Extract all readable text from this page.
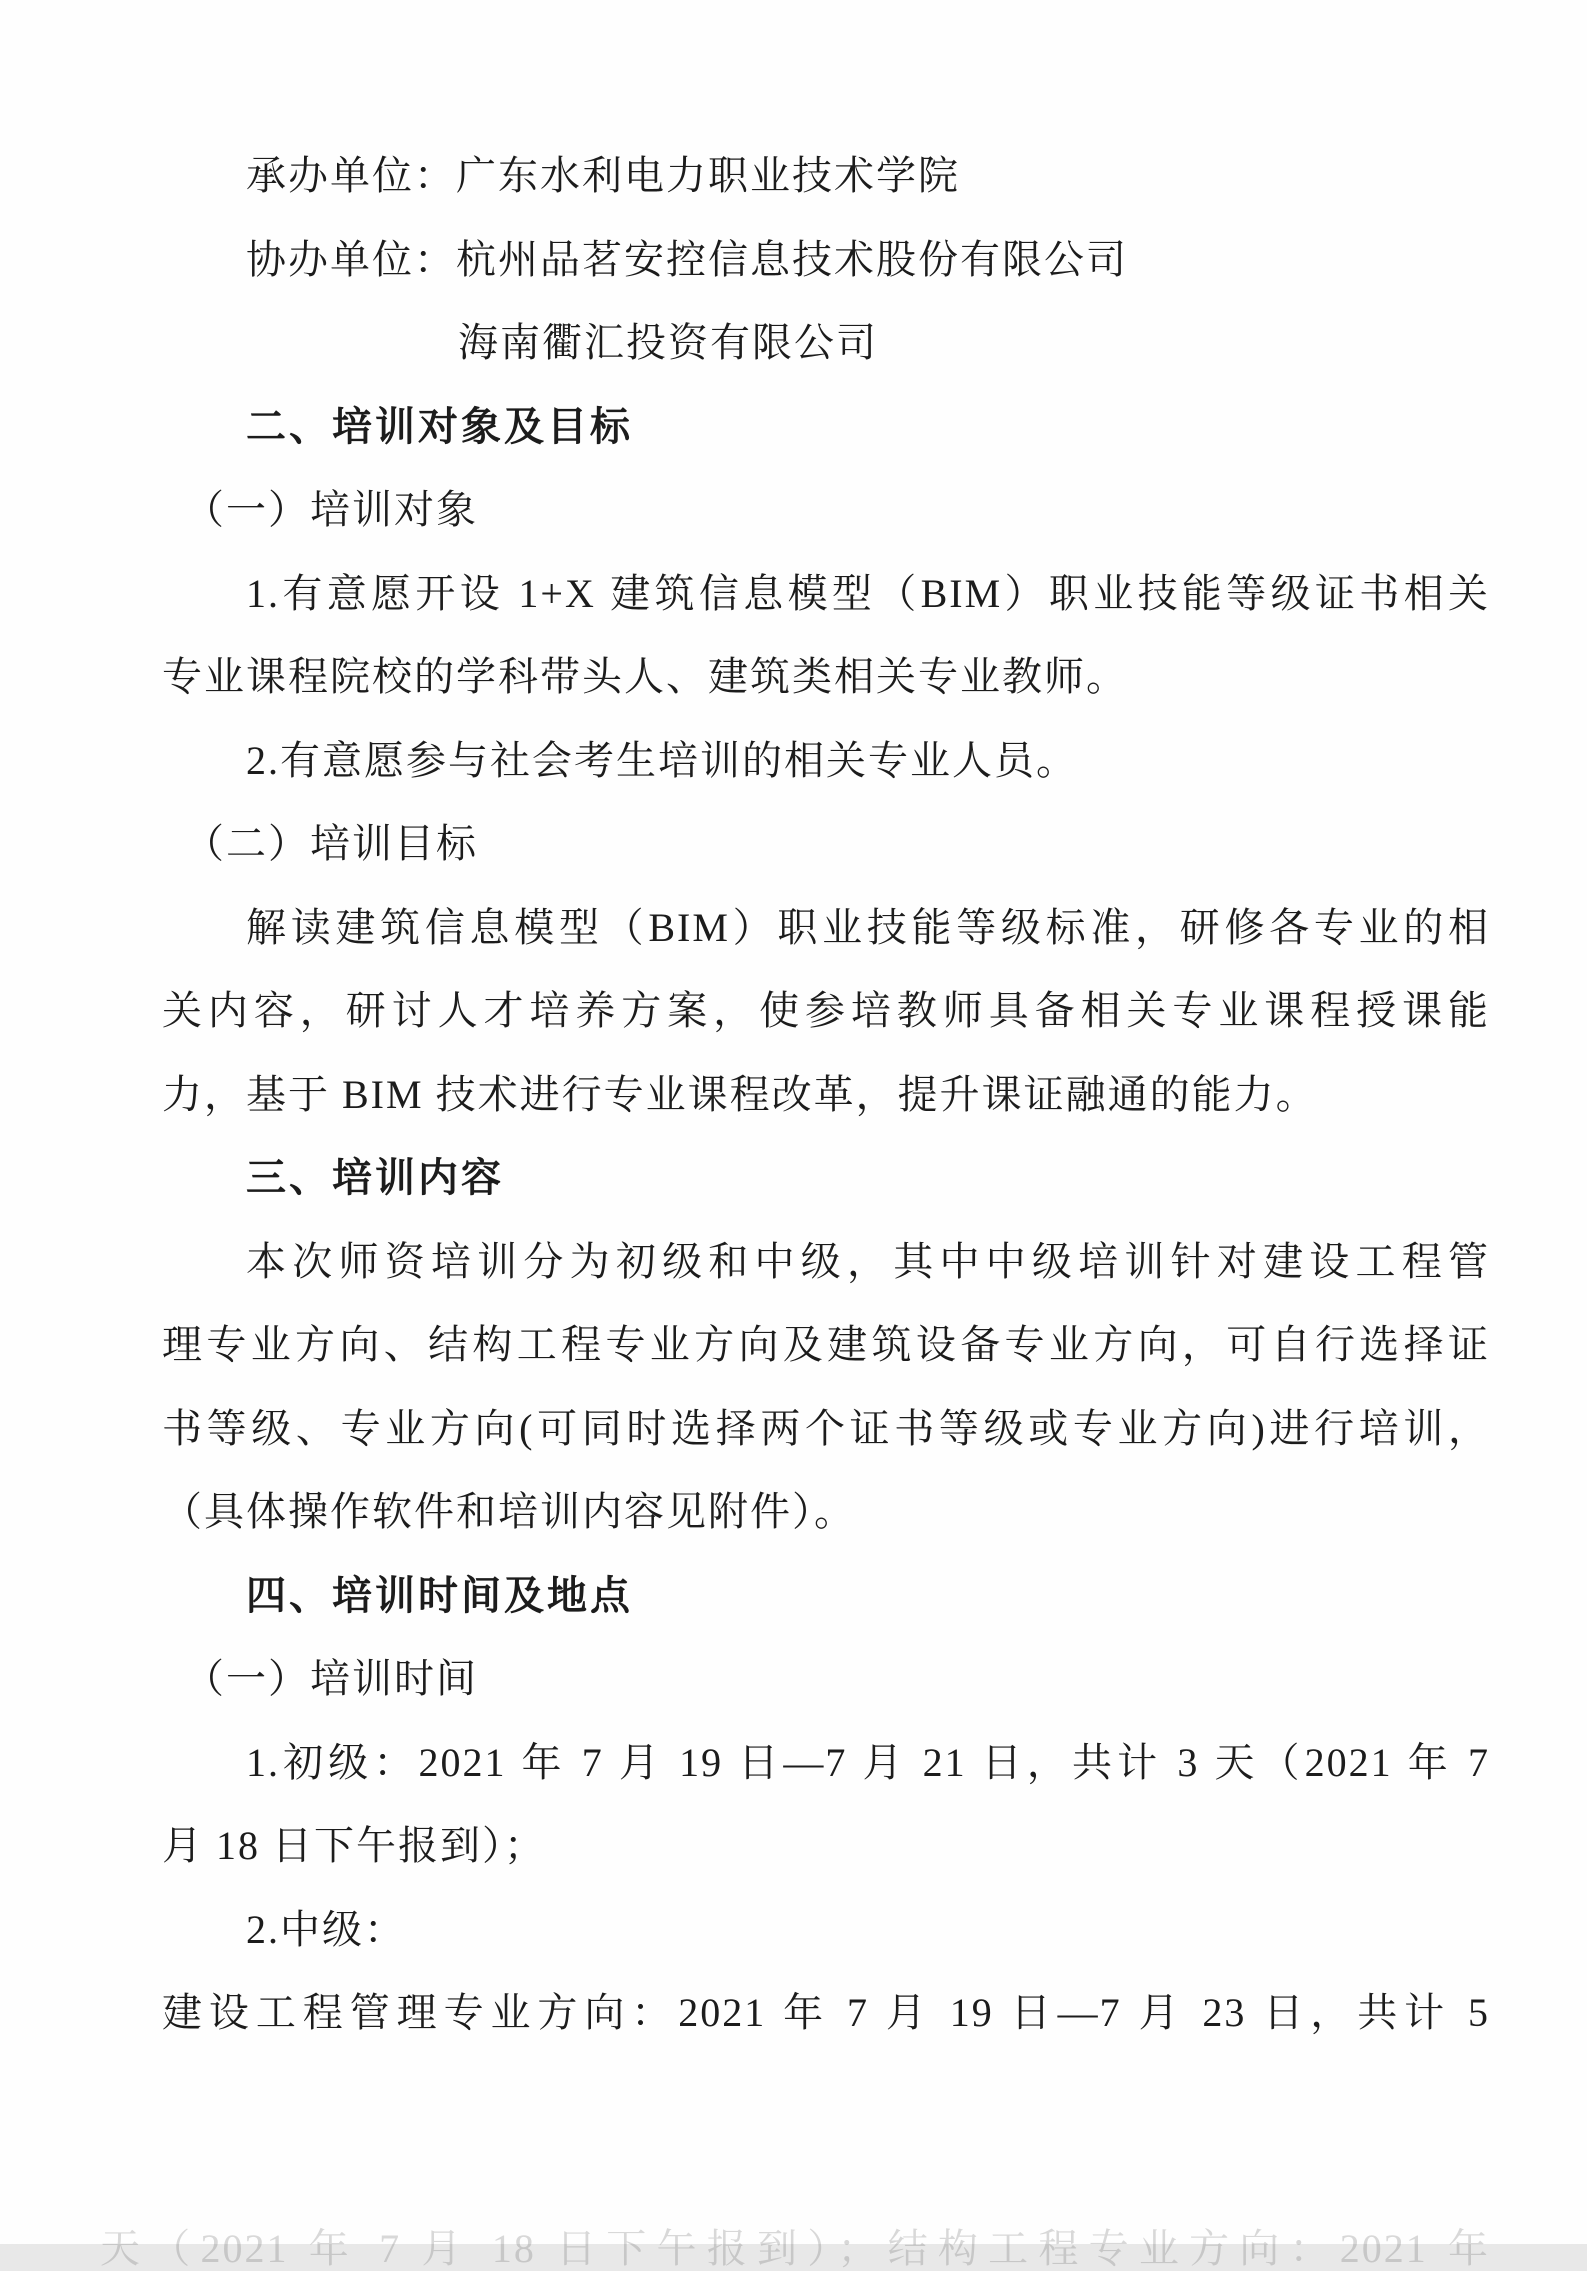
承办单位：广东水利电力职业技术学院
协办单位：杭州品茗安控信息技术股份有限公司
海南衢汇投资有限公司
二、培训对象及目标
（一）培训对象
1.有意愿开设 1+X 建筑信息模型（BIM）职业技能等级证书相关
专业课程院校的学科带头人、建筑类相关专业教师。
2.有意愿参与社会考生培训的相关专业人员。
（二）培训目标
解读建筑信息模型（BIM）职业技能等级标准，研修各专业的相
关内容，研讨人才培养方案，使参培教师具备相关专业课程授课能
力，基于 BIM 技术进行专业课程改革，提升课证融通的能力。
三、培训内容
本次师资培训分为初级和中级，其中中级培训针对建设工程管
理专业方向、结构工程专业方向及建筑设备专业方向，可自行选择证
书等级、专业方向(可同时选择两个证书等级或专业方向)进行培训，
（具体操作软件和培训内容见附件）。
四、培训时间及地点
（一）培训时间
1.初级：2021 年 7 月 19 日—7 月 21 日，共计 3 天（2021 年 7
月 18 日下午报到）；
2.中级：
建设工程管理专业方向：2021 年 7 月 19 日—7 月 23 日，共计 5
天（2021 年 7 月 18 日下午报到）；结构工程专业方向：2021 年
